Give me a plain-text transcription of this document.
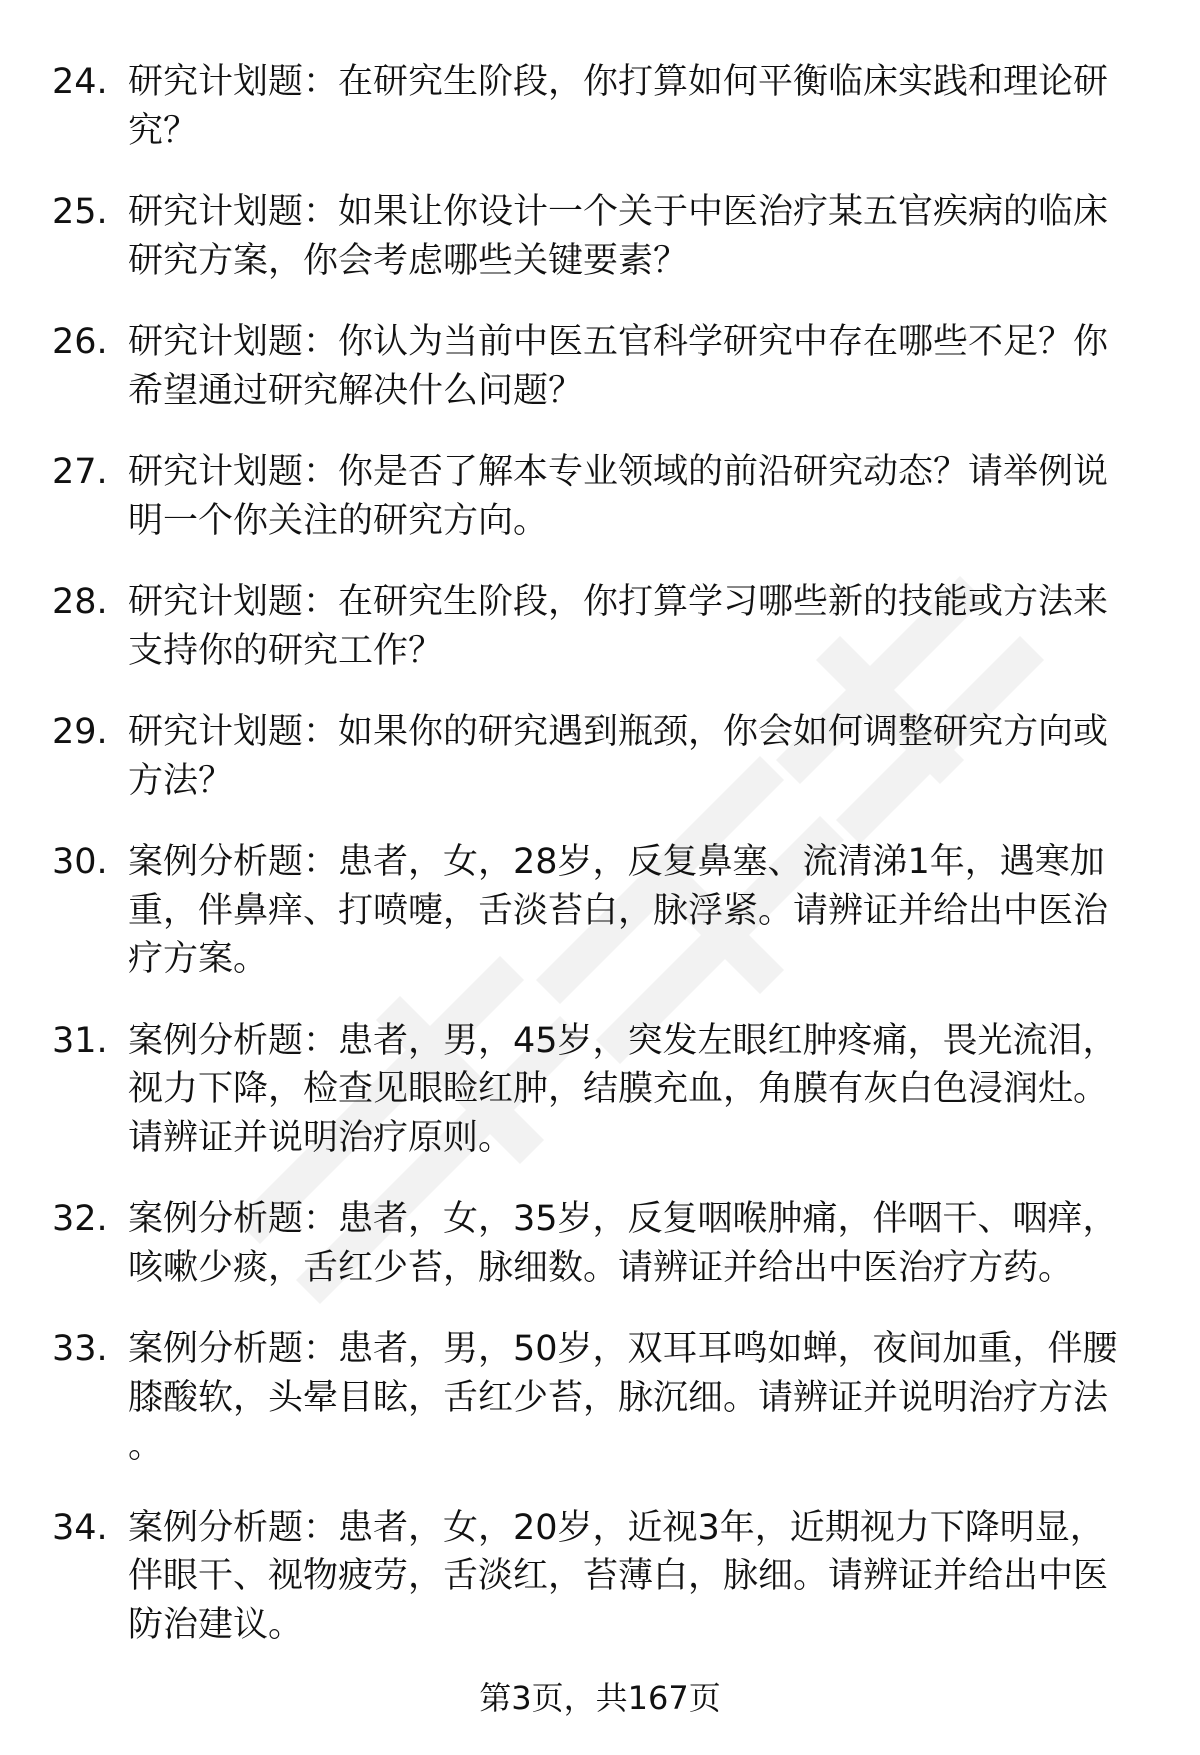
24. 研究计划题：在研究生阶段，你打算如何平衡临床实践和理论研究？
25. 研究计划题：如果让你设计一个关于中医治疗某五官疾病的临床研究方案，你会考虑哪些关键要素？
26. 研究计划题：你认为当前中医五官科学研究中存在哪些不足？你希望通过研究解决什么问题？
27. 研究计划题：你是否了解本专业领域的前沿研究动态？请举例说明一个你关注的研究方向。
28. 研究计划题：在研究生阶段，你打算学习哪些新的技能或方法来支持你的研究工作？
29. 研究计划题：如果你的研究遇到瓶颈，你会如何调整研究方向或方法？
30. 案例分析题：患者，女，28岁，反复鼻塞、流清涕1年，遇寒加重，伴鼻痒、打喷嚏，舌淡苔白，脉浮紧。请辨证并给出中医治疗方案。
31. 案例分析题：患者，男，45岁，突发左眼红肿疼痛，畏光流泪，视力下降，检查见眼睑红肿，结膜充血，角膜有灰白色浸润灶。请辨证并说明治疗原则。
32. 案例分析题：患者，女，35岁，反复咽喉肿痛，伴咽干、咽痒，咳嗽少痰，舌红少苔，脉细数。请辨证并给出中医治疗方药。
33. 案例分析题：患者，男，50岁，双耳耳鸣如蝉，夜间加重，伴腰膝酸软，头晕目眩，舌红少苔，脉沉细。请辨证并说明治疗方法。
34. 案例分析题：患者，女，20岁，近视3年，近期视力下降明显，伴眼干、视物疲劳，舌淡红，苔薄白，脉细。请辨证并给出中医防治建议。
第3页，共167页
